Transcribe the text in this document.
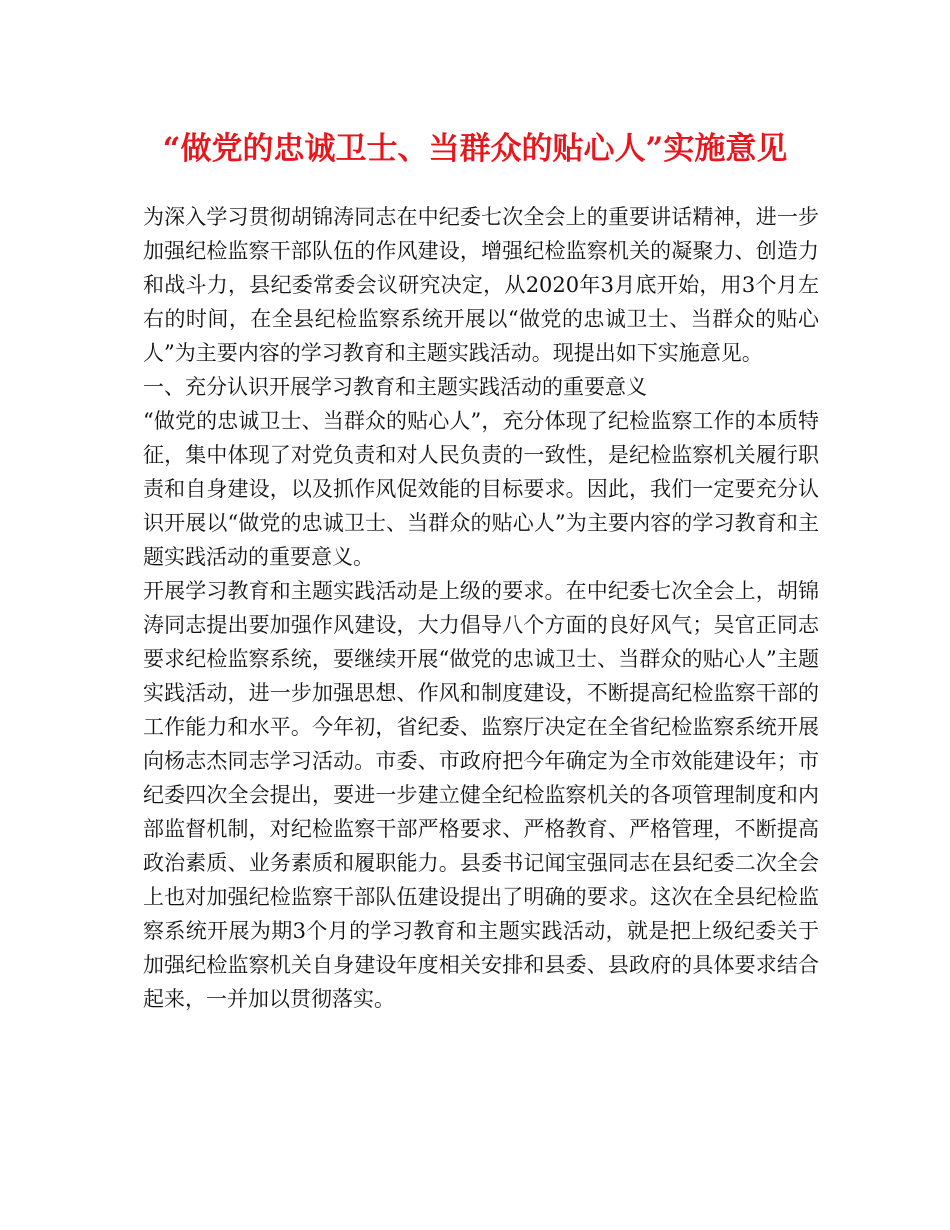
“做党的忠诚卫士、当群众的贴心人”实施意见

为深入学习贯彻胡锦涛同志在中纪委七次全会上的重要讲话精神，进一步加强纪检监察干部队伍的作风建设，增强纪检监察机关的凝聚力、创造力和战斗力，县纪委常委会议研究决定，从2020年3月底开始，用3个月左右的时间，在全县纪检监察系统开展以“做党的忠诚卫士、当群众的贴心人”为主要内容的学习教育和主题实践活动。现提出如下实施意见。

一、充分认识开展学习教育和主题实践活动的重要意义

“做党的忠诚卫士、当群众的贴心人”，充分体现了纪检监察工作的本质特征，集中体现了对党负责和对人民负责的一致性，是纪检监察机关履行职责和自身建设，以及抓作风促效能的目标要求。因此，我们一定要充分认识开展以“做党的忠诚卫士、当群众的贴心人”为主要内容的学习教育和主题实践活动的重要意义。

开展学习教育和主题实践活动是上级的要求。在中纪委七次全会上，胡锦涛同志提出要加强作风建设，大力倡导八个方面的良好风气；吴官正同志要求纪检监察系统，要继续开展“做党的忠诚卫士、当群众的贴心人”主题实践活动，进一步加强思想、作风和制度建设，不断提高纪检监察干部的工作能力和水平。今年初，省纪委、监察厅决定在全省纪检监察系统开展向杨志杰同志学习活动。市委、市政府把今年确定为全市效能建设年；市纪委四次全会提出，要进一步建立健全纪检监察机关的各项管理制度和内部监督机制，对纪检监察干部严格要求、严格教育、严格管理，不断提高政治素质、业务素质和履职能力。县委书记闻宝强同志在县纪委二次全会上也对加强纪检监察干部队伍建设提出了明确的要求。这次在全县纪检监察系统开展为期3个月的学习教育和主题实践活动，就是把上级纪委关于加强纪检监察机关自身建设年度相关安排和县委、县政府的具体要求结合起来，一并加以贯彻落实。
